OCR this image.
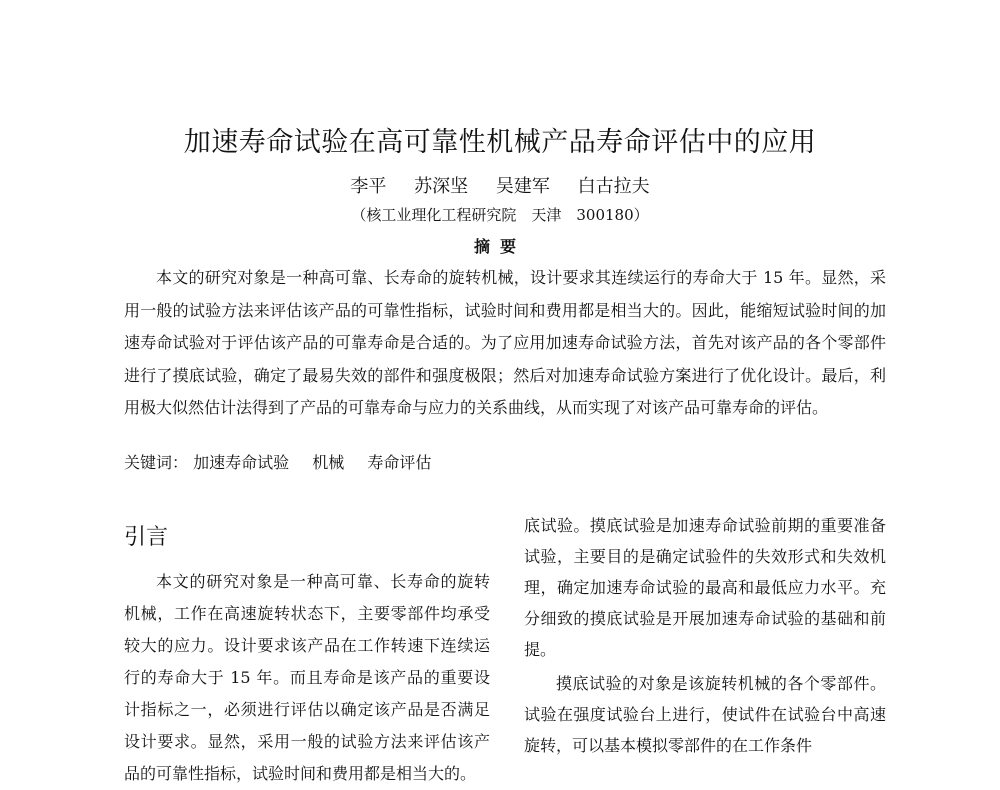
加速寿命试验在高可靠性机械产品寿命评估中的应用
李平 苏深坚 吴建军 白古拉夫
（核工业理化工程研究院　天津　300180）
摘要
本文的研究对象是一种高可靠、长寿命的旋转机械，设计要求其连续运行的寿命大于 15 年。显然，采用一般的试验方法来评估该产品的可靠性指标，试验时间和费用都是相当大的。因此，能缩短试验时间的加速寿命试验对于评估该产品的可靠寿命是合适的。为了应用加速寿命试验方法，首先对该产品的各个零部件进行了摸底试验，确定了最易失效的部件和强度极限；然后对加速寿命试验方案进行了优化设计。最后，利用极大似然估计法得到了产品的可靠寿命与应力的关系曲线，从而实现了对该产品可靠寿命的评估。
关键词： 加速寿命试验 机械 寿命评估
引言
本文的研究对象是一种高可靠、长寿命的旋转机械，工作在高速旋转状态下，主要零部件均承受较大的应力。设计要求该产品在工作转速下连续运行的寿命大于 15 年。而且寿命是该产品的重要设计指标之一，必须进行评估以确定该产品是否满足设计要求。显然，采用一般的试验方法来评估该产品的可靠性指标，试验时间和费用都是相当大的。
底试验。摸底试验是加速寿命试验前期的重要准备试验，主要目的是确定试验件的失效形式和失效机理，确定加速寿命试验的最高和最低应力水平。充分细致的摸底试验是开展加速寿命试验的基础和前提。
摸底试验的对象是该旋转机械的各个零部件。试验在强度试验台上进行，使试件在试验台中高速旋转，可以基本模拟零部件的在工作条件
